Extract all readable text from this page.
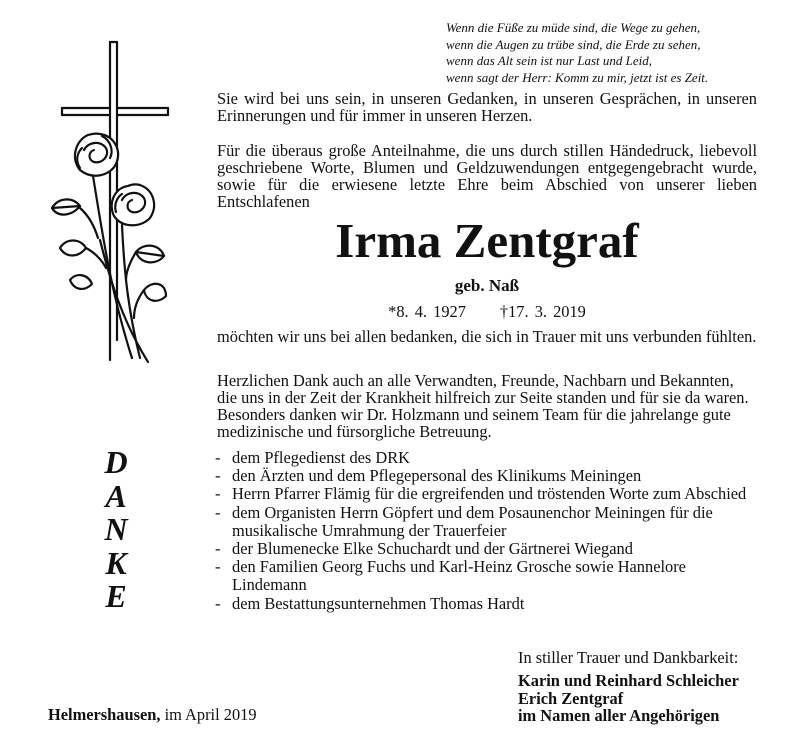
Wenn die Füße zu müde sind, die Wege zu gehen,
wenn die Augen zu trübe sind, die Erde zu sehen,
wenn das Alt sein ist nur Last und Leid,
wenn sagt der Herr: Komm zu mir, jetzt ist es Zeit.
D
A
N
K
E
Sie wird bei uns sein, in unseren Gedanken, in unseren Gesprächen, in unseren Erinnerungen und für immer in unseren Herzen.
Für die überaus große Anteilnahme, die uns durch stillen Händedruck, liebevoll geschriebene Worte, Blumen und Geldzuwendungen entgegengebracht wurde, sowie für die erwiesene letzte Ehre beim Abschied von unserer lieben Entschlafenen
Irma Zentgraf
geb. Naß
*8. 4. 1927 †17. 3. 2019
möchten wir uns bei allen bedanken, die sich in Trauer mit uns verbunden fühlten.
Herzlichen Dank auch an alle Verwandten, Freunde, Nachbarn und Bekannten, die uns in der Zeit der Krankheit hilfreich zur Seite standen und für sie da waren. Besonders danken wir Dr. Holzmann und seinem Team für die jahrelange gute medizinische und fürsorgliche Betreuung.
- dem Pflegedienst des DRK
- den Ärzten und dem Pflegepersonal des Klinikums Meiningen
- Herrn Pfarrer Flämig für die ergreifenden und tröstenden Worte zum Abschied
- dem Organisten Herrn Göpfert und dem Posaunenchor Meiningen für die musikalische Umrahmung der Trauerfeier
- der Blumenecke Elke Schuchardt und der Gärtnerei Wiegand
- den Familien Georg Fuchs und Karl-Heinz Grosche sowie Hannelore Lindemann
- dem Bestattungsunternehmen Thomas Hardt
In stiller Trauer und Dankbarkeit:
Karin und Reinhard Schleicher
Erich Zentgraf
im Namen aller Angehörigen
Helmershausen, im April 2019
